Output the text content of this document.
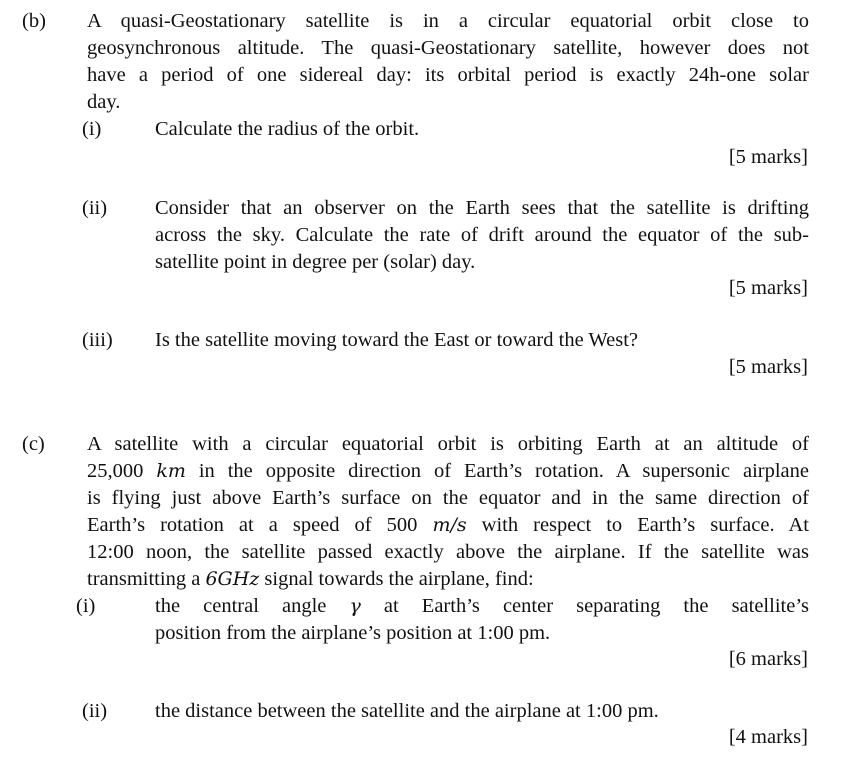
(b) A quasi-Geostationary satellite is in a circular equatorial orbit close to
geosynchronous altitude. The quasi-Geostationary satellite, however does not
have a period of one sidereal day: its orbital period is exactly 24h-one solar
day.
(i)	Calculate the radius of the orbit.
[5 marks]
(ii) Consider that an observer on the Earth sees that the satellite is drifting
across the sky. Calculate the rate of drift around the equator of the sub-
satellite point in degree per (solar) day.
[5 marks]
(iii) Is the satellite moving toward the East or toward the West?
[5 marks]
(c) A satellite with a circular equatorial orbit is orbiting Earth at an altitude of
25,000 km in the opposite direction of Earth’s rotation. A supersonic airplane
is flying just above Earth’s surface on the equator and in the same direction of
Earth’s rotation at a speed of 500 m/s with respect to Earth’s surface. At
12:00 noon, the satellite passed exactly above the airplane. If the satellite was
transmitting a 6GHz signal towards the airplane, find:
(i)	the central angle γ at Earth’s center separating the satellite’s
position from the airplane’s position at 1:00 pm.
[6 marks]
(ii) the distance between the satellite and the airplane at 1:00 pm.
[4 marks]
